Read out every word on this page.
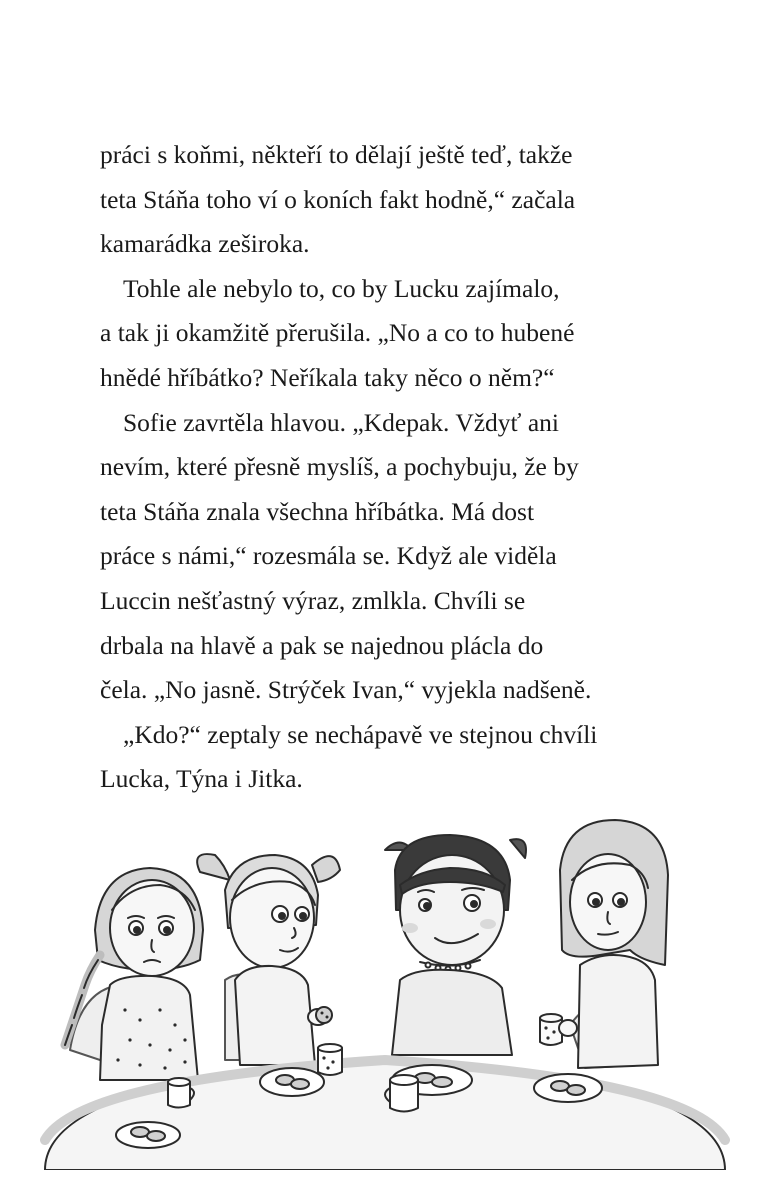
práci s koňmi, někteří to dělají ještě teď, takže
teta Stáňa toho ví o koních fakt hodně,“ začala
kamarádka zeširoka.
Tohle ale nebylo to, co by Lucku zajímalo,
a tak ji okamžitě přerušila. „No a co to hubené
hnědé hříbátko? Neříkala taky něco o něm?“
Sofie zavrtěla hlavou. „Kdepak. Vždyť ani
nevím, které přesně myslíš, a pochybuju, že by
teta Stáňa znala všechna hříbátka. Má dost
práce s námi,“ rozesmála se. Když ale viděla
Luccin nešťastný výraz, zmlkla. Chvíli se
drbala na hlavě a pak se najednou plácla do
čela. „No jasně. Strýček Ivan,“ vyjekla nadšeně.
„Kdo?“ zeptaly se nechápavě ve stejnou chvíli
Lucka, Týna i Jitka.
